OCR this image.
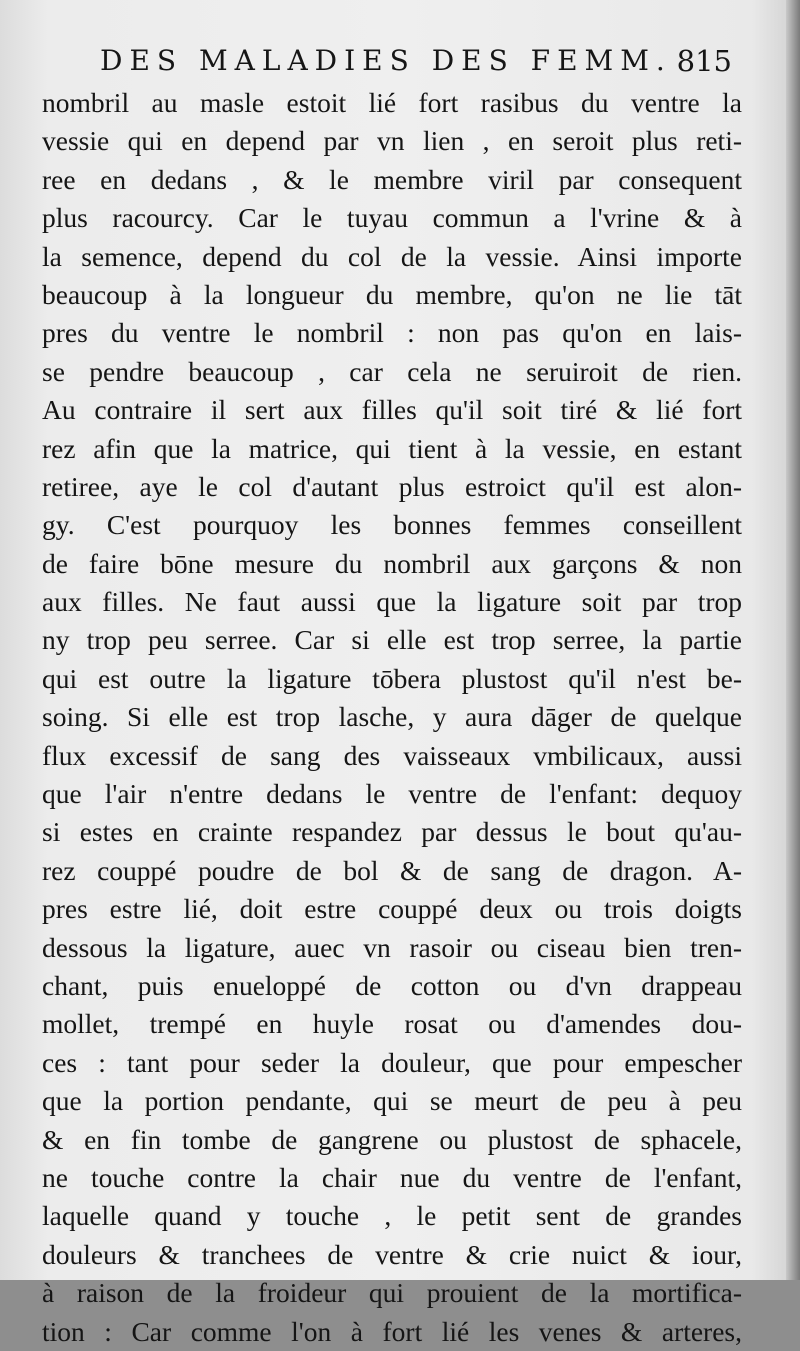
DES MALADIES DES FEMM. 815
nombril au masle estoit lié fort rasibus du ventre la
vessie qui en depend par vn lien , en seroit plus reti-
ree en dedans , & le membre viril par consequent
plus racourcy. Car le tuyau commun a l'vrine & à
la semence, depend du col de la vessie. Ainsi importe
beaucoup à la longueur du membre, qu'on ne lie tāt
pres du ventre le nombril : non pas qu'on en lais-
se pendre beaucoup , car cela ne seruiroit de rien.
Au contraire il sert aux filles qu'il soit tiré & lié fort
rez afin que la matrice, qui tient à la vessie, en estant
retiree, aye le col d'autant plus estroict qu'il est alon-
gy. C'est pourquoy les bonnes femmes conseillent
de faire bōne mesure du nombril aux garçons & non
aux filles. Ne faut aussi que la ligature soit par trop
ny trop peu serree. Car si elle est trop serree, la partie
qui est outre la ligature tōbera plustost qu'il n'est be-
soing. Si elle est trop lasche, y aura dāger de quelque
flux excessif de sang des vaisseaux vmbilicaux, aussi
que l'air n'entre dedans le ventre de l'enfant: dequoy
si estes en crainte respandez par dessus le bout qu'au-
rez couppé poudre de bol & de sang de dragon. A-
pres estre lié, doit estre couppé deux ou trois doigts
dessous la ligature, auec vn rasoir ou ciseau bien tren-
chant, puis enueloppé de cotton ou d'vn drappeau
mollet, trempé en huyle rosat ou d'amendes dou-
ces : tant pour seder la douleur, que pour empescher
que la portion pendante, qui se meurt de peu à peu
& en fin tombe de gangrene ou plustost de sphacele,
ne touche contre la chair nue du ventre de l'enfant,
laquelle quand y touche , le petit sent de grandes
douleurs & tranchees de ventre & crie nuict & iour,
à raison de la froideur qui prouient de la mortifica-
tion : Car comme l'on à fort lié les venes & arteres,
